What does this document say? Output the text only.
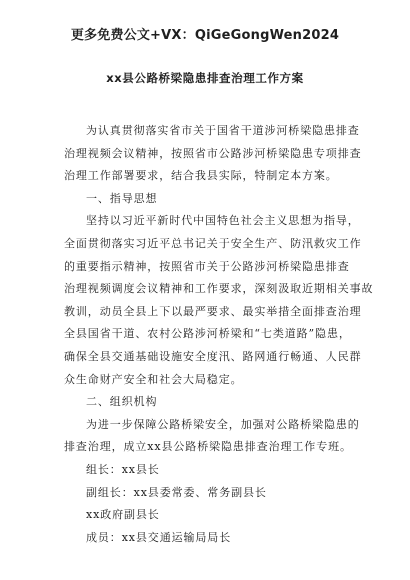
更多免费公文+VX：QiGeGongWen2024
xx县公路桥梁隐患排查治理工作方案
为认真贯彻落实省市关于国省干道涉河桥梁隐患排查
治理视频会议精神，按照省市公路涉河桥梁隐患专项排查
治理工作部署要求，结合我县实际，特制定本方案。
一、指导思想
坚持以习近平新时代中国特色社会主义思想为指导，
全面贯彻落实习近平总书记关于安全生产、防汛救灾工作
的重要指示精神，按照省市关于公路涉河桥梁隐患排查
治理视频调度会议精神和工作要求，深刻汲取近期相关事故
教训，动员全县上下以最严要求、最实举措全面排查治理
全县国省干道、农村公路涉河桥梁和“七类道路”隐患，
确保全县交通基础设施安全度汛、路网通行畅通、人民群
众生命财产安全和社会大局稳定。
二、组织机构
为进一步保障公路桥梁安全，加强对公路桥梁隐患的
排查治理，成立xx县公路桥梁隐患排查治理工作专班。
组长：xx县长
副组长：xx县委常委、常务副县长
xx政府副县长
成员：xx县交通运输局局长
